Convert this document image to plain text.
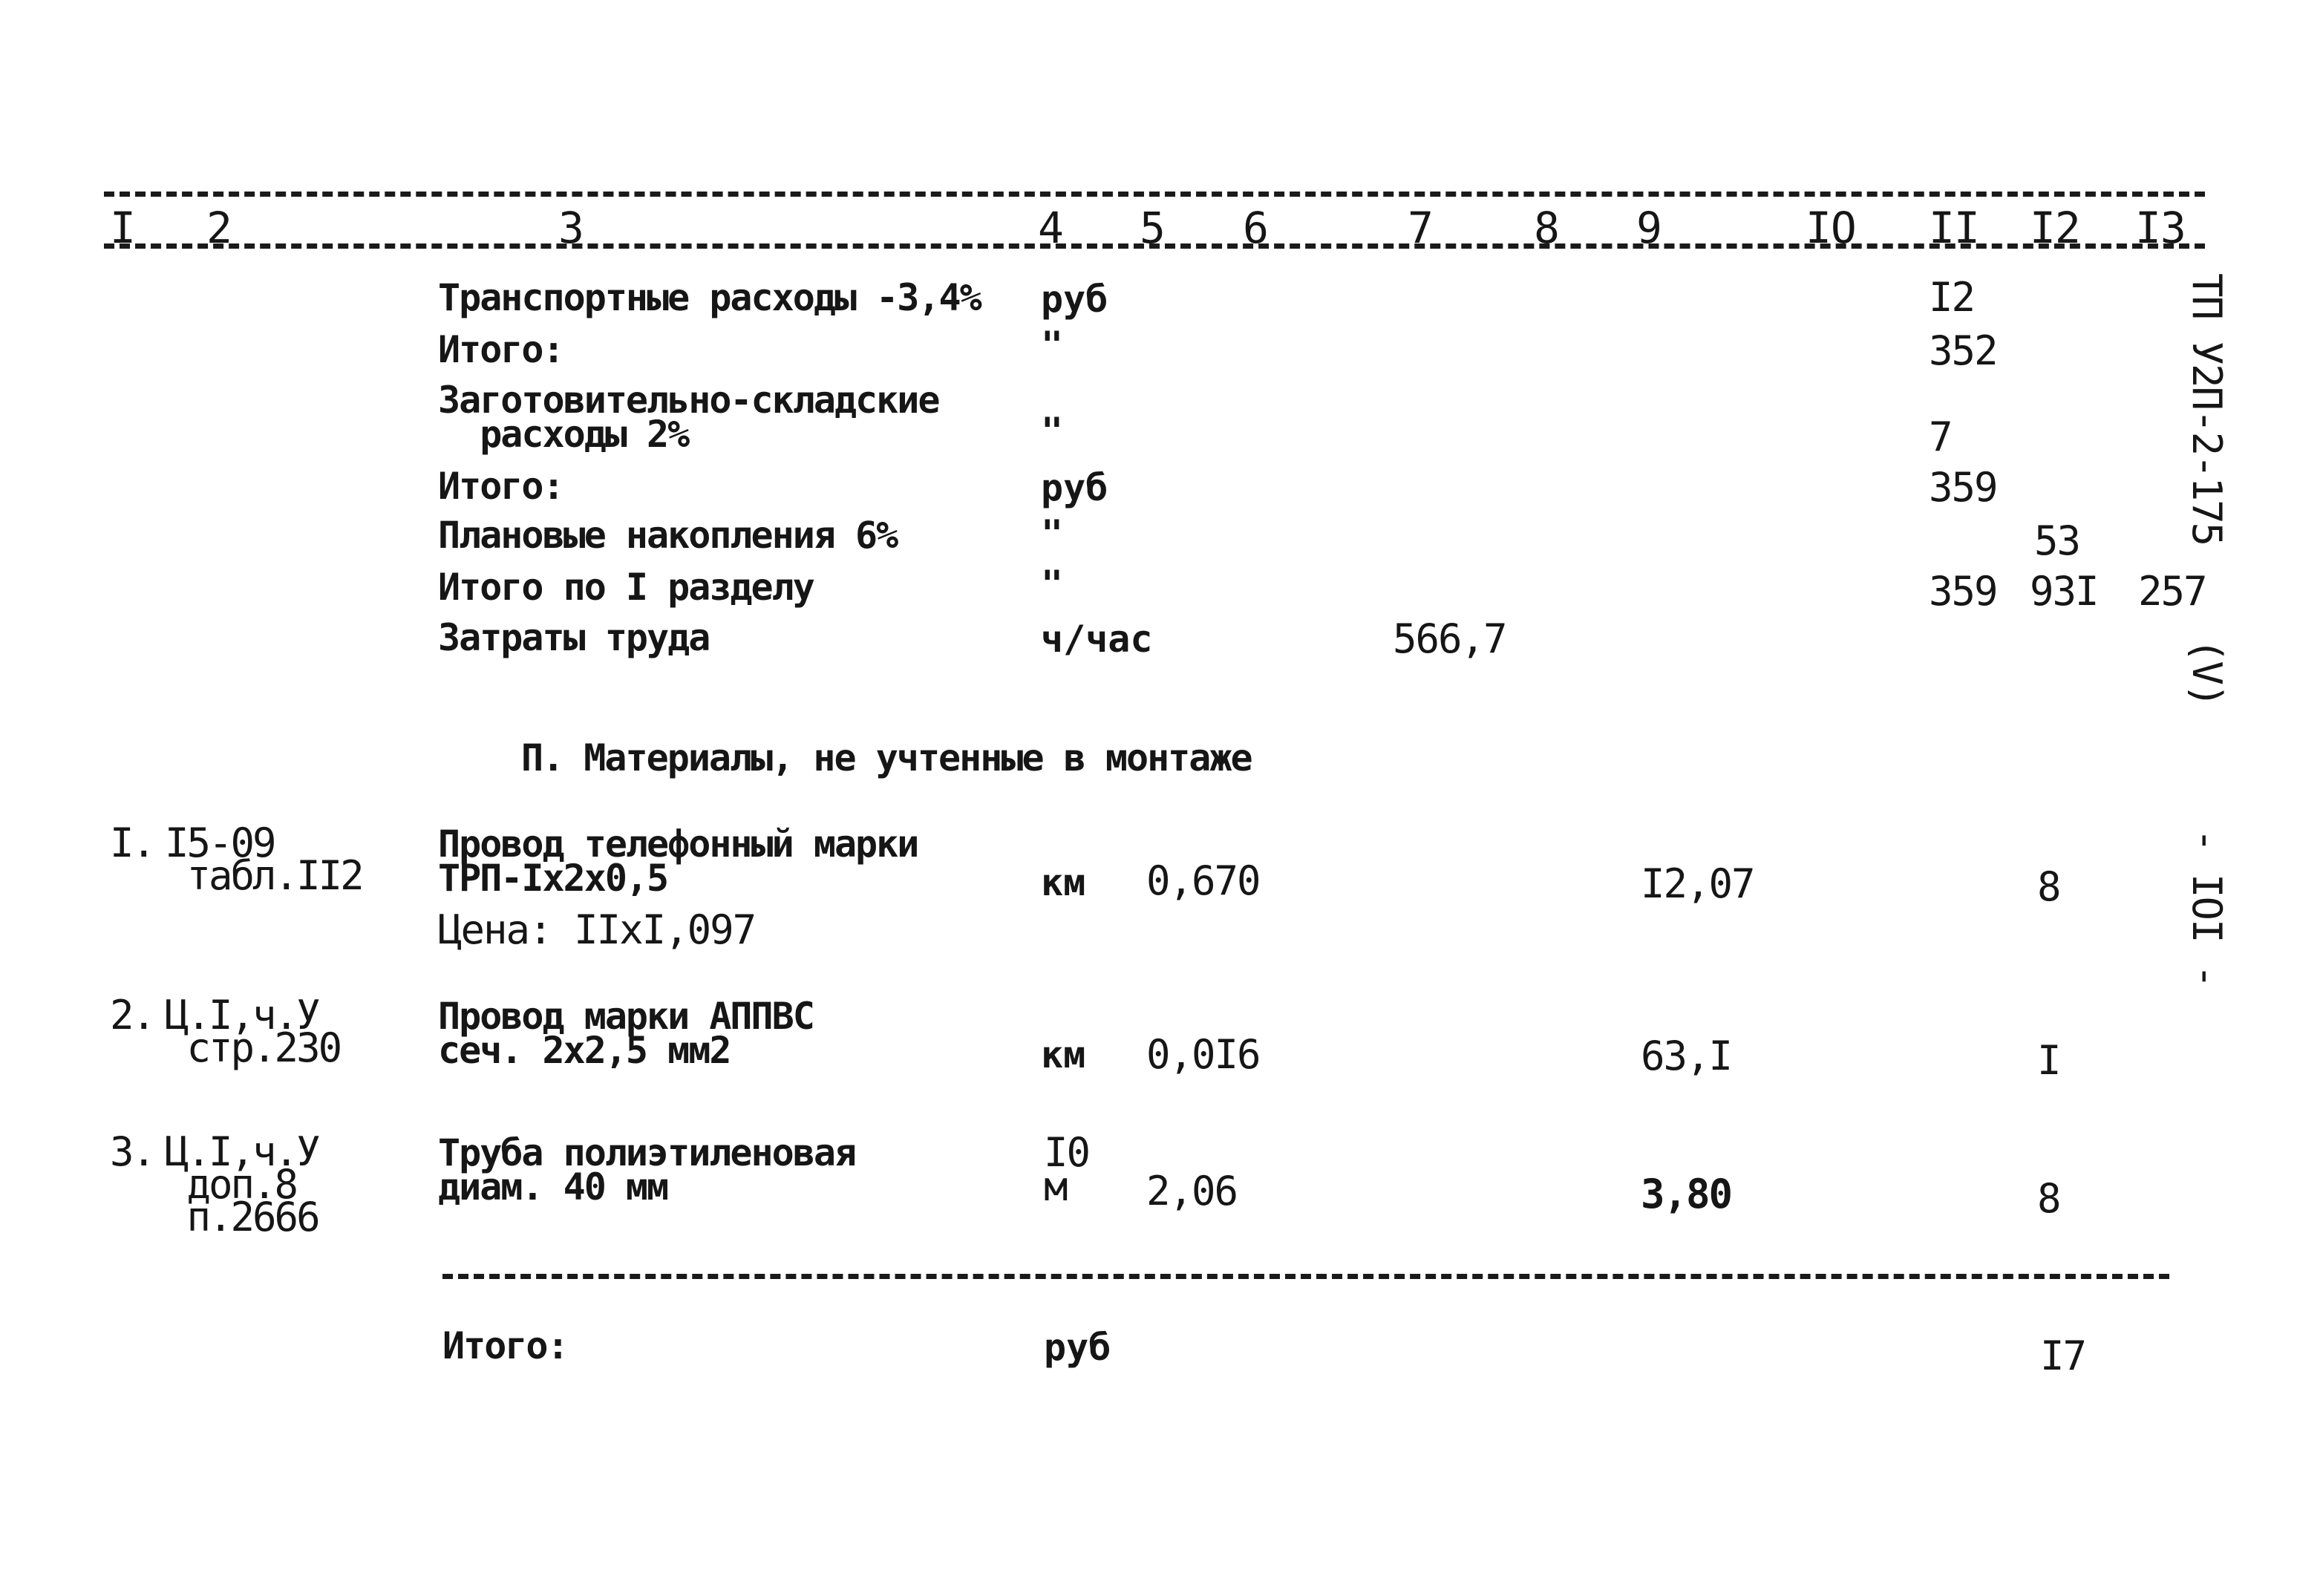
I 2	3	4 5 6	7 8 9	IO II I2 I3
Транспортные расходы -3,4% руб	I2
Итого:	"	352
Заготовительно-складские
расходы 2%	"	7
Итого:	руб	359
Плановые накопления 6%	"	53
Итого по I разделу	"	359 93I 257
Затраты труда	ч/час	566,7
П. Материалы, не учтенные в монтаже
I. I5-09
табл.II2
Провод телефонный марки
ТРП-Iх2х0,5
Цена: IIхI,097
км 0,670	I2,07	8
2. Ц.I,ч.У
стр.230
Провод марки АППВС
сеч. 2х2,5 мм2	км 0,0I6	63,I	I
3. Ц.I,ч.У
доп.8
п.2666
Труба полиэтиленовая
диам. 40 мм
I0
м	2,06	3,80	8
Итого:	руб	I7
ТП У2П-2-175
(V)
- IOI -
